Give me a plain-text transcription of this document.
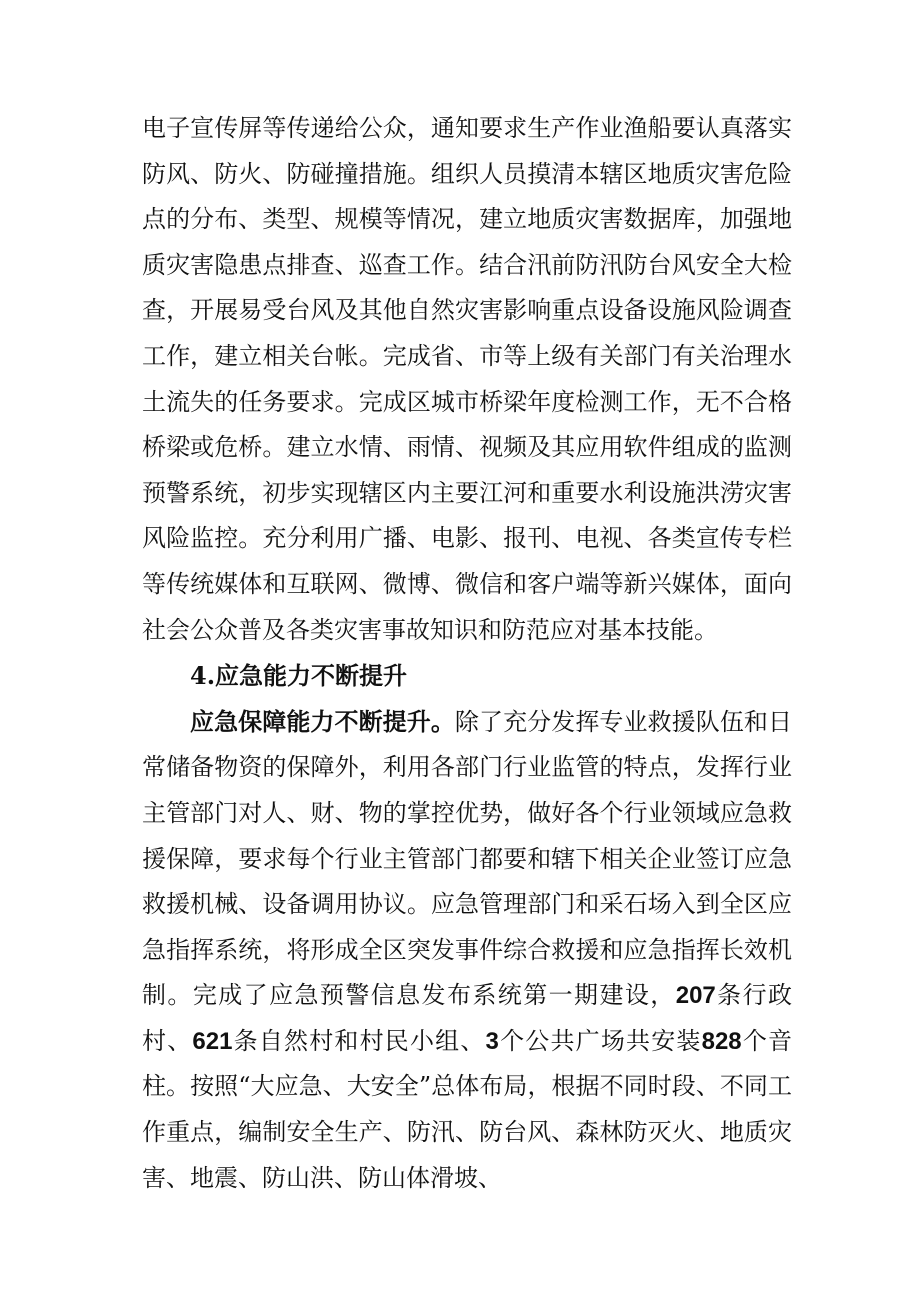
电子宣传屏等传递给公众，通知要求生产作业渔船要认真落实防风、防火、防碰撞措施。组织人员摸清本辖区地质灾害危险点的分布、类型、规模等情况，建立地质灾害数据库，加强地质灾害隐患点排查、巡查工作。结合汛前防汛防台风安全大检查，开展易受台风及其他自然灾害影响重点设备设施风险调查工作，建立相关台帐。完成省、市等上级有关部门有关治理水土流失的任务要求。完成区城市桥梁年度检测工作，无不合格桥梁或危桥。建立水情、雨情、视频及其应用软件组成的监测预警系统，初步实现辖区内主要江河和重要水利设施洪涝灾害风险监控。充分利用广播、电影、报刊、电视、各类宣传专栏等传统媒体和互联网、微博、微信和客户端等新兴媒体，面向社会公众普及各类灾害事故知识和防范应对基本技能。

4.应急能力不断提升

应急保障能力不断提升。除了充分发挥专业救援队伍和日常储备物资的保障外，利用各部门行业监管的特点，发挥行业主管部门对人、财、物的掌控优势，做好各个行业领域应急救援保障，要求每个行业主管部门都要和辖下相关企业签订应急救援机械、设备调用协议。应急管理部门和采石场入到全区应急指挥系统，将形成全区突发事件综合救援和应急指挥长效机制。完成了应急预警信息发布系统第一期建设，207条行政村、621条自然村和村民小组、3个公共广场共安装828个音柱。按照“大应急、大安全”总体布局，根据不同时段、不同工作重点，编制安全生产、防汛、防台风、森林防灭火、地质灾害、地震、防山洪、防山体滑坡、
